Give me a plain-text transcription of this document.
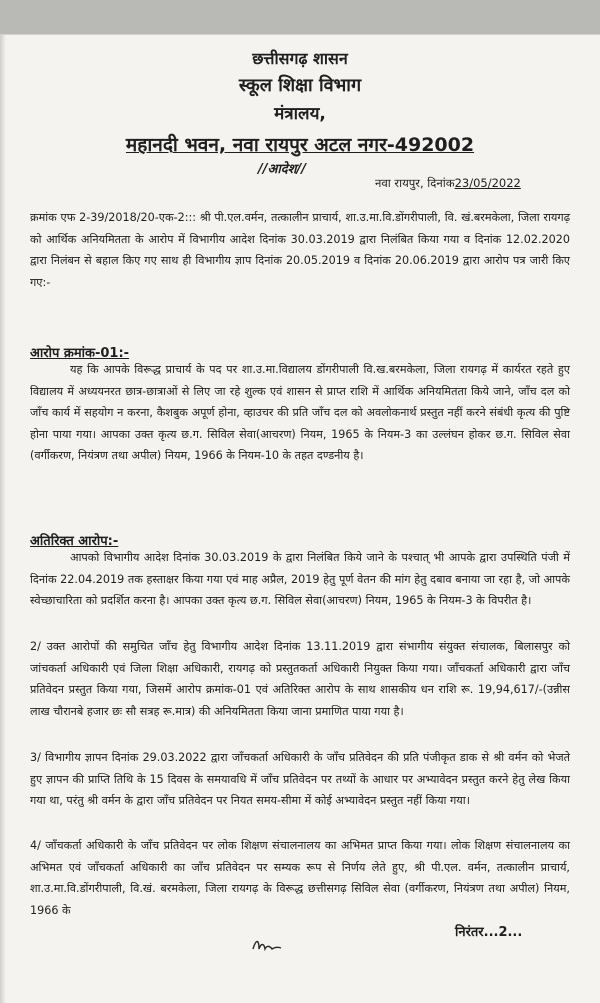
छत्तीसगढ़ शासन
स्कूल शिक्षा विभाग
मंत्रालय,
महानदी भवन, नवा रायपुर अटल नगर-492002
//आदेश//
नवा रायपुर, दिनांक23/05/2022

क्रमांक एफ 2-39/2018/20-एक-2::: श्री पी.एल.वर्मन, तत्कालीन प्राचार्य, शा.उ.मा.वि.डोंगरीपाली, वि. खं.बरमकेला, जिला रायगढ़ को आर्थिक अनियमितता के आरोप में विभागीय आदेश दिनांक 30.03.2019 द्वारा निलंबित किया गया व दिनांक 12.02.2020 द्वारा निलंबन से बहाल किए गए साथ ही विभागीय ज्ञाप दिनांक 20.05.2019 व दिनांक 20.06.2019 द्वारा आरोप पत्र जारी किए गए:-

आरोप क्रमांक-01:-

यह कि आपके विरूद्ध प्राचार्य के पद पर शा.उ.मा.विद्यालय डोंगरीपाली वि.ख.बरमकेला, जिला रायगढ़ में कार्यरत रहते हुए विद्यालय में अध्ययनरत छात्र-छात्राओं से लिए जा रहे शुल्क एवं शासन से प्राप्त राशि में आर्थिक अनियमितता किये जाने, जाँच दल को जाँच कार्य में सहयोग न करना, कैशबुक अपूर्ण होना, व्हाउचर की प्रति जाँच दल को अवलोकनार्थ प्रस्तुत नहीं करने संबंधी कृत्य की पुष्टि होना पाया गया। आपका उक्त कृत्य छ.ग. सिविल सेवा(आचरण) नियम, 1965 के नियम-3 का उल्लंघन होकर छ.ग. सिविल सेवा (वर्गीकरण, नियंत्रण तथा अपील) नियम, 1966 के नियम-10 के तहत दण्डनीय है।

अतिरिक्त आरोप:-

आपको विभागीय आदेश दिनांक 30.03.2019 के द्वारा निलंबित किये जाने के पश्चात् भी आपके द्वारा उपस्थिति पंजी में दिनांक 22.04.2019 तक हस्ताक्षर किया गया एवं माह अप्रैल, 2019 हेतु पूर्ण वेतन की मांग हेतु दबाव बनाया जा रहा है, जो आपके स्वेच्छाचारिता को प्रदर्शित करना है। आपका उक्त कृत्य छ.ग. सिविल सेवा(आचरण) नियम, 1965 के नियम-3 के विपरीत है।

2/ उक्त आरोपों की समुचित जाँच हेतु विभागीय आदेश दिनांक 13.11.2019 द्वारा संभागीय संयुक्त संचालक, बिलासपुर को जांचकर्ता अधिकारी एवं जिला शिक्षा अधिकारी, रायगढ़ को प्रस्तुतकर्ता अधिकारी नियुक्त किया गया। जाँचकर्ता अधिकारी द्वारा जाँच प्रतिवेदन प्रस्तुत किया गया, जिसमें आरोप क्रमांक-01 एवं अतिरिक्त आरोप के साथ शासकीय धन राशि रू. 19,94,617/-(उन्नीस लाख चौरानबे हजार छः सौ सत्रह रू.मात्र) की अनियमितता किया जाना प्रमाणित पाया गया है।

3/ विभागीय ज्ञापन दिनांक 29.03.2022 द्वारा जाँचकर्ता अधिकारी के जाँच प्रतिवेदन की प्रति पंजीकृत डाक से श्री वर्मन को भेजते हुए ज्ञापन की प्राप्ति तिथि के 15 दिवस के समयावधि में जाँच प्रतिवेदन पर तथ्यों के आधार पर अभ्यावेदन प्रस्तुत करने हेतु लेख किया गया था, परंतु श्री वर्मन के द्वारा जाँच प्रतिवेदन पर नियत समय-सीमा में कोई अभ्यावेदन प्रस्तुत नहीं किया गया।

4/ जाँचकर्ता अधिकारी के जाँच प्रतिवेदन पर लोक शिक्षण संचालनालय का अभिमत प्राप्त किया गया। लोक शिक्षण संचालनालय का अभिमत एवं जाँचकर्ता अधिकारी का जाँच प्रतिवेदन पर सम्यक रूप से निर्णय लेते हुए, श्री पी.एल. वर्मन, तत्कालीन प्राचार्य, शा.उ.मा.वि.डोंगरीपाली, वि.खं. बरमकेला, जिला रायगढ़ के विरूद्ध छत्तीसगढ़ सिविल सेवा (वर्गीकरण, नियंत्रण तथा अपील) नियम, 1966 के

निरंतर...2...
